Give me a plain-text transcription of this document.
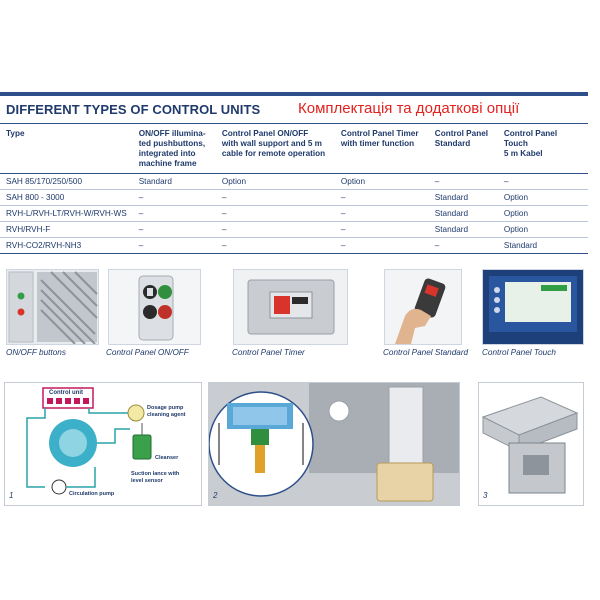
DIFFERENT TYPES OF CONTROL UNITS	Комплектація та додаткові опції
Type	ON/OFF illumina-
ted pushbuttons,
integrated into
machine frame	Control Panel ON/OFF
with wall support and 5 m
cable for remote operation	Control Panel Timer
with timer function	Control Panel
Standard	Control Panel Touch
5 m Kabel
SAH 85/170/250/500	Standard	Option	Option	–	–
SAH 800 - 3000	–	–	–	Standard	Option
RVH-L/RVH-LT/RVH-W/RVH-WS	–	–	–	Standard	Option
RVH/RVH-F	–	–	–	Standard	Option
RVH-CO2/RVH-NH3	–	–	–	–	Standard
ON/OFF buttons	Control Panel ON/OFF	Control Panel Timer	Control Panel Standard Control Panel Touch
Control unit
Dosage pump
cleaning agent
Cleanser
Suction lance with
level sensor
Circulation pump
1	2	3
